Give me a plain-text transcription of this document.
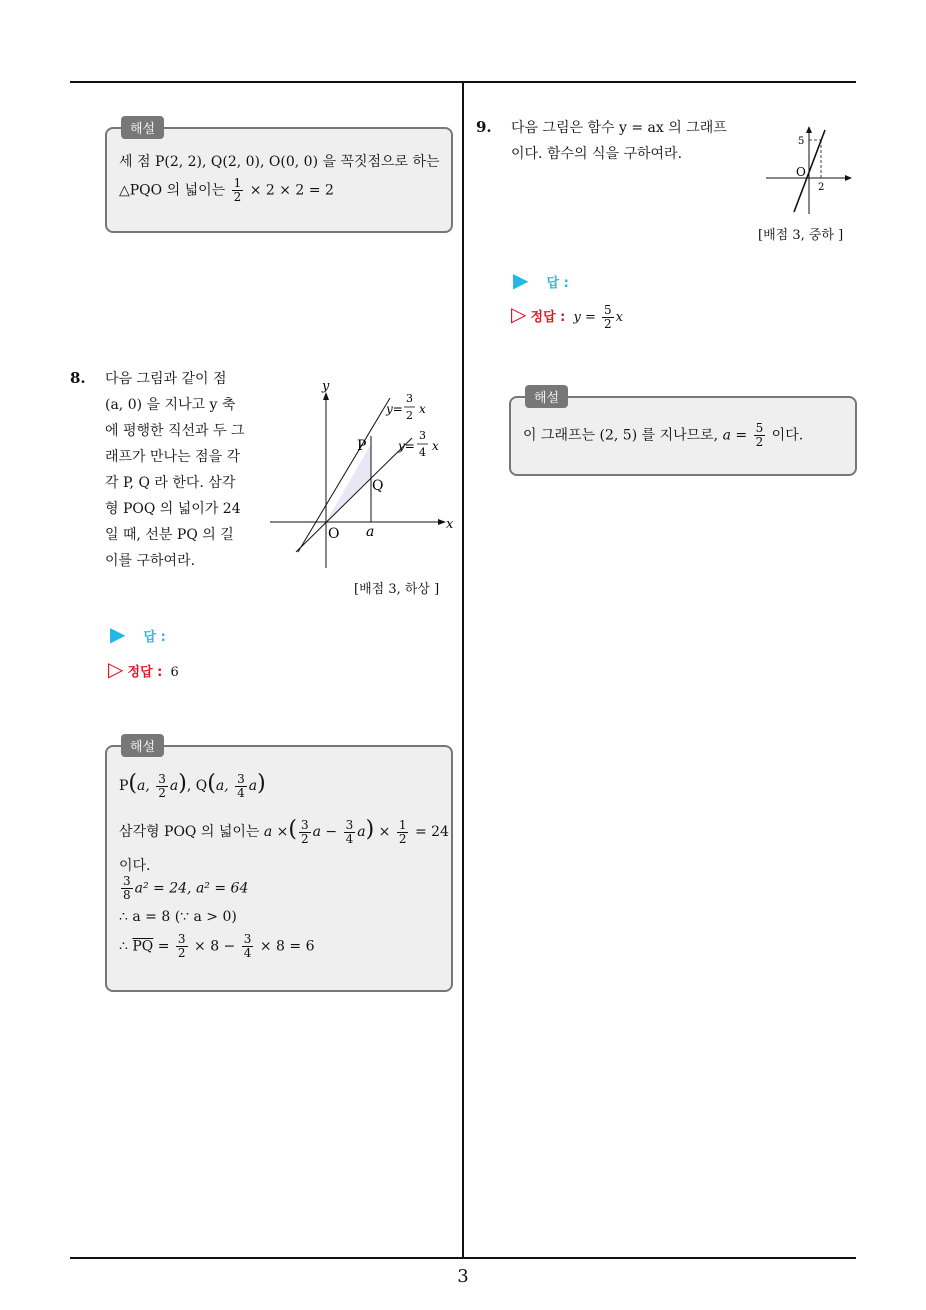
해설
세 점 P(2, 2), Q(2, 0), O(0, 0) 을 꼭짓점으로 하는
△PQO 의 넓이는 $\frac{1}{2} \times 2 \times 2 = 2$
8. 다음 그림과 같이 점
(a, 0) 을 지나고 y 축
에 평행한 직선과 두 그
래프가 만나는 점을 각
각 P, Q 라 한다. 삼각
형 POQ 의 넓이가 24
일 때, 선분 PQ 의 길
이를 구하여라.
y
x
O a
P
Q
y=
3
2 x
y=
3
4 x
[배점 3, 하상 ]
▶ 답 :
▷ 정답 : 6
해설
P(a, $\frac{3}{2} a$), Q(a, $\frac{3}{4} a$)
삼각형 POQ 의 넓이는 a ×( $\frac{3}{2}$ $a - \frac{3}{4} a) \times \frac{1}{2} = 24$
이다.
$\frac{3}{8} a^2 = 24$, a² = 64
∴ a = 8 (∵ a > 0)
∴ $\overline{PQ} = \frac{3}{2} \times 8 - \frac{3}{4} \times 8 = 6$
9. 다음 그림은 함수 y = ax 의 그래프
이다. 함수의 식을 구하여라.
5
O
2
[배점 3, 중하 ]
▶ 답 :
▷ 정답 : $y = \frac{5}{2}$ x
해설
이 그래프는 (2, 5) 를 지나므로, $a = \frac{5}{2}$ 이다.
3
